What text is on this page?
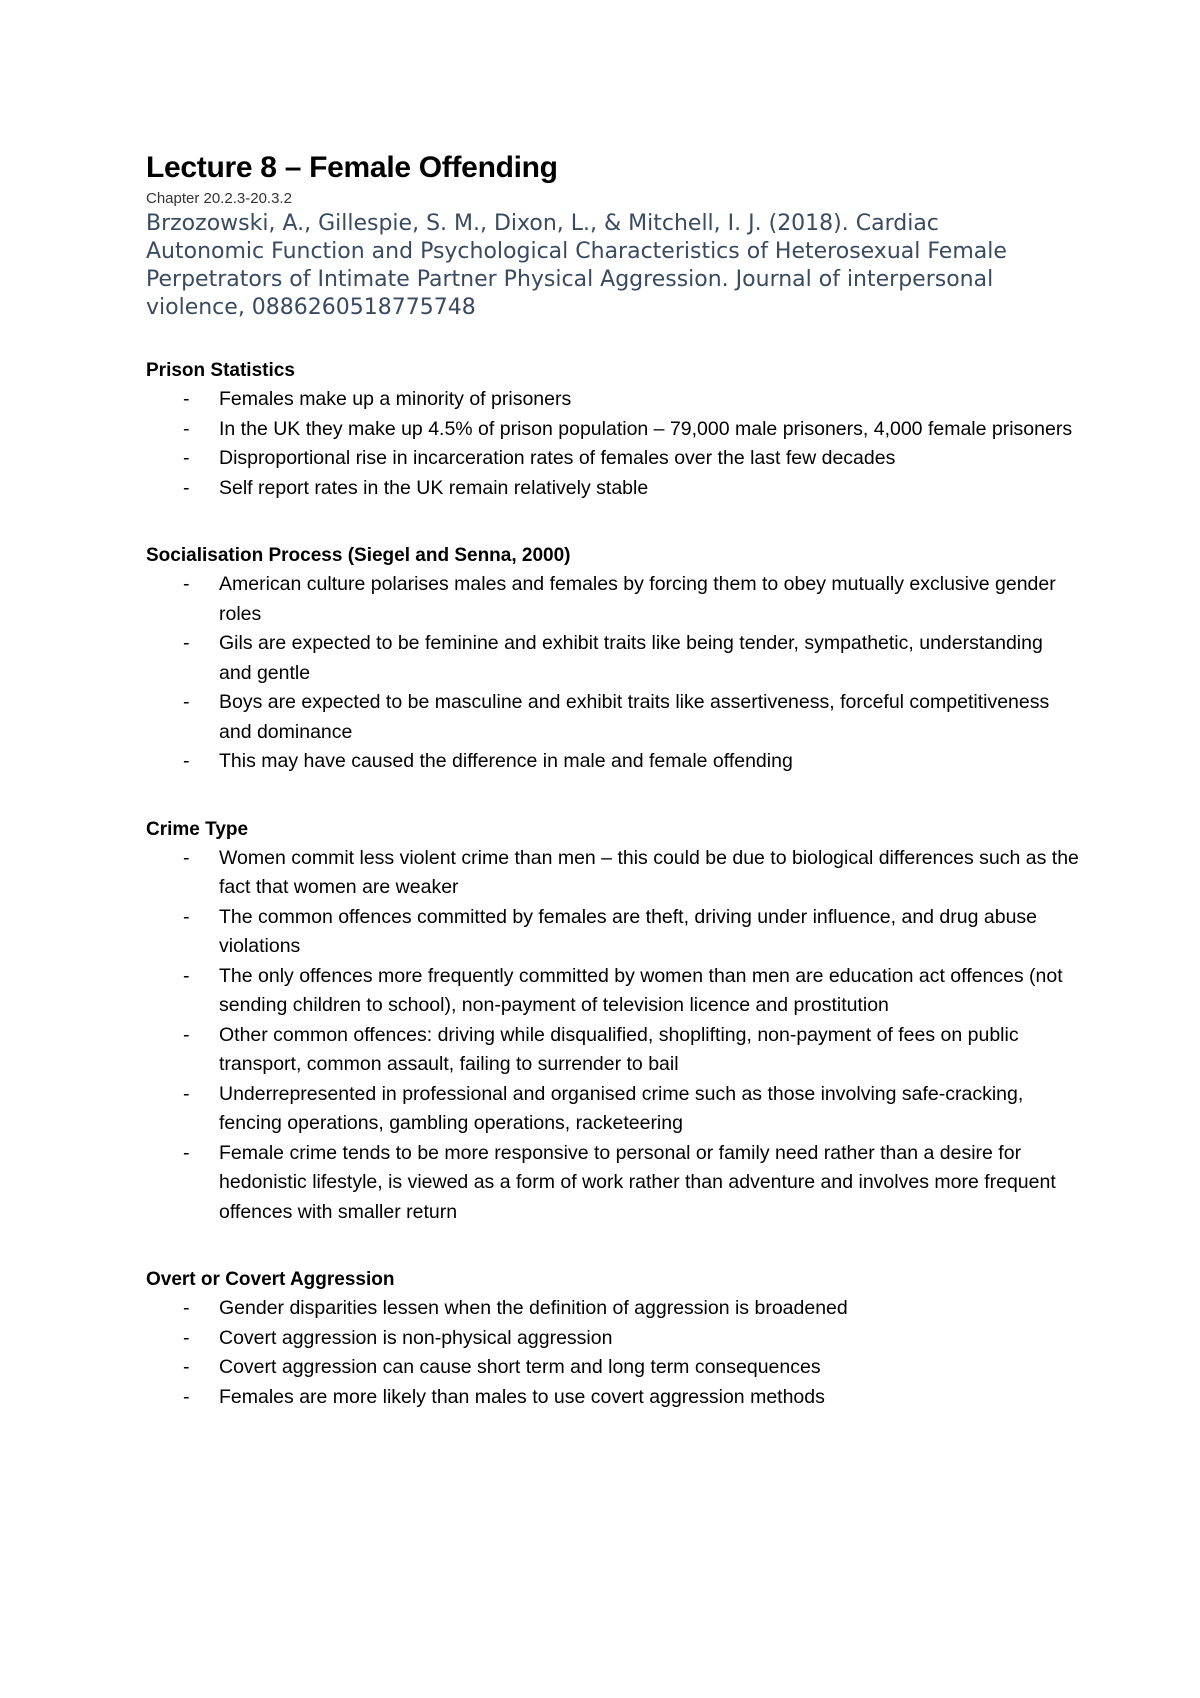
Lecture 8 – Female Offending

Chapter 20.2.3-20.3.2

Brzozowski, A., Gillespie, S. M., Dixon, L., & Mitchell, I. J. (2018). Cardiac Autonomic Function and Psychological Characteristics of Heterosexual Female Perpetrators of Intimate Partner Physical Aggression. Journal of interpersonal violence, 0886260518775748

Prison Statistics
- Females make up a minority of prisoners
- In the UK they make up 4.5% of prison population – 79,000 male prisoners, 4,000 female prisoners
- Disproportional rise in incarceration rates of females over the last few decades
- Self report rates in the UK remain relatively stable
Socialisation Process (Siegel and Senna, 2000)
- American culture polarises males and females by forcing them to obey mutually exclusive gender roles
- Gils are expected to be feminine and exhibit traits like being tender, sympathetic, understanding and gentle
- Boys are expected to be masculine and exhibit traits like assertiveness, forceful competitiveness and dominance
- This may have caused the difference in male and female offending
Crime Type
- Women commit less violent crime than men – this could be due to biological differences such as the fact that women are weaker
- The common offences committed by females are theft, driving under influence, and drug abuse violations
- The only offences more frequently committed by women than men are education act offences (not sending children to school), non-payment of television licence and prostitution
- Other common offences: driving while disqualified, shoplifting, non-payment of fees on public transport, common assault, failing to surrender to bail
- Underrepresented in professional and organised crime such as those involving safe-cracking, fencing operations, gambling operations, racketeering
- Female crime tends to be more responsive to personal or family need rather than a desire for hedonistic lifestyle, is viewed as a form of work rather than adventure and involves more frequent offences with smaller return
Overt or Covert Aggression
- Gender disparities lessen when the definition of aggression is broadened
- Covert aggression is non-physical aggression
- Covert aggression can cause short term and long term consequences
- Females are more likely than males to use covert aggression methods
